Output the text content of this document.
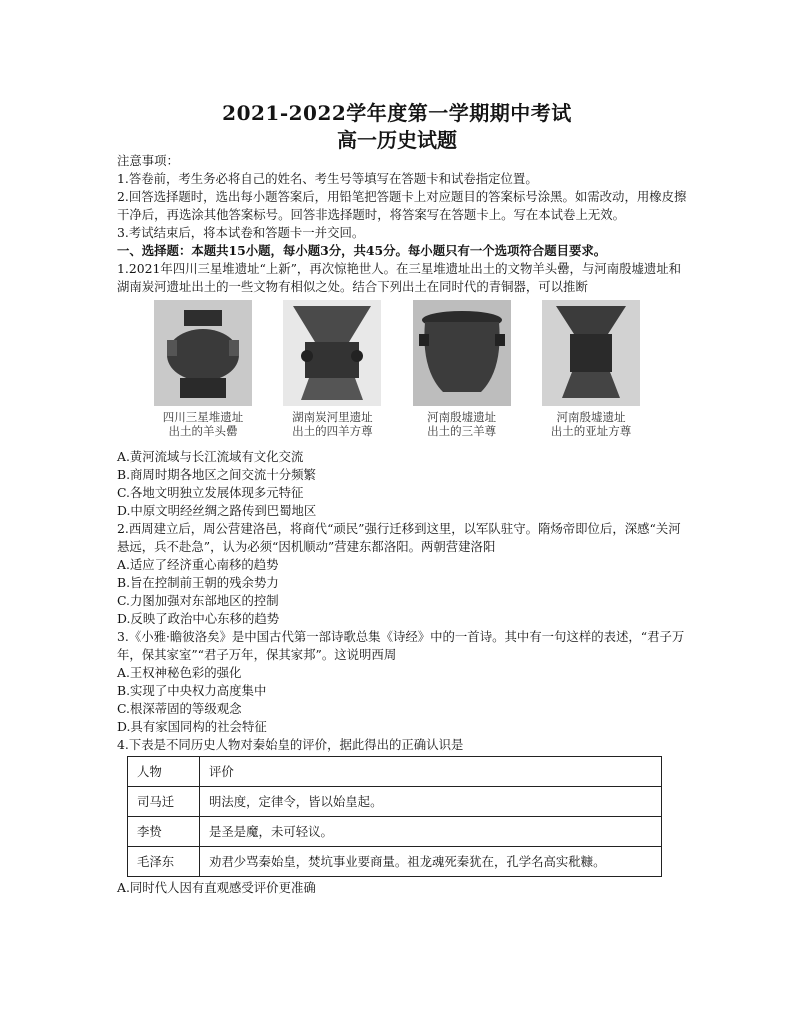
2021-2022学年度第一学期期中考试
高一历史试题

注意事项：

1.答卷前，考生务必将自己的姓名、考生号等填写在答题卡和试卷指定位置。

2.回答选择题时，选出每小题答案后，用铅笔把答题卡上对应题目的答案标号涂黑。如需改动，用橡皮擦干净后，再选涂其他答案标号。回答非选择题时，将答案写在答题卡上。写在本试卷上无效。

3.考试结束后，将本试卷和答题卡一并交回。

一、选择题：本题共15小题，每小题3分，共45分。每小题只有一个选项符合题目要求。

1.2021年四川三星堆遗址“上新”，再次惊艳世人。在三星堆遗址出土的文物羊头罍，与河南殷墟遗址和湖南炭河遗址出土的一些文物有相似之处。结合下列出土在同时代的青铜器，可以推断

四川三星堆遗址
出土的羊头罍
湖南炭河里遗址
出土的四羊方尊
河南殷墟遗址
出土的三羊尊
河南殷墟遗址
出土的亚址方尊

A.黄河流域与长江流域有文化交流

B.商周时期各地区之间交流十分频繁

C.各地文明独立发展体现多元特征

D.中原文明经丝绸之路传到巴蜀地区

2.西周建立后，周公营建洛邑，将商代“顽民”强行迁移到这里，以军队驻守。隋炀帝即位后，深感“关河悬远，兵不赴急”，认为必须“因机顺动”营建东都洛阳。两朝营建洛阳

A.适应了经济重心南移的趋势

B.旨在控制前王朝的残余势力

C.力图加强对东部地区的控制

D.反映了政治中心东移的趋势

3.《小雅·瞻彼洛矣》是中国古代第一部诗歌总集《诗经》中的一首诗。其中有一句这样的表述，“君子万年，保其家室”“君子万年，保其家邦”。这说明西周

A.王权神秘色彩的强化

B.实现了中央权力高度集中

C.根深蒂固的等级观念

D.具有家国同构的社会特征

4.下表是不同历史人物对秦始皇的评价，据此得出的正确认识是

人物	评价
司马迁	明法度，定律令，皆以始皇起。
李贽	是圣是魔，未可轻议。
毛泽东	劝君少骂秦始皇，焚坑事业要商量。祖龙魂死秦犹在，孔学名高实秕糠。

A.同时代人因有直观感受评价更准确
